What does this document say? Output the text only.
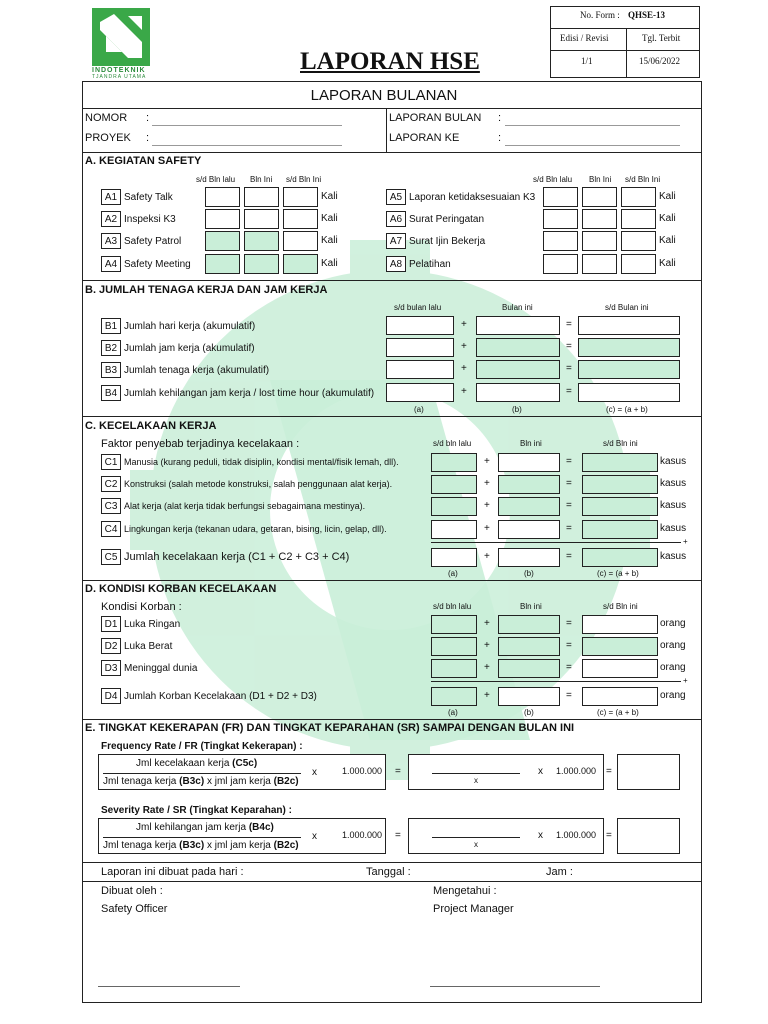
INDOTEKNIK
TJANDRA UTAMA
LAPORAN HSE
No. Form : QHSE-13
Edisi / Revisi	Tgl. Terbit
1/1	15/06/2022
LAPORAN BULANAN
NOMOR :
PROYEK :
LAPORAN BULAN :
LAPORAN KE	:
A. KEGIATAN SAFETY
s/d Bln lalu Bln Ini s/d Bln Ini	s/d Bln lalu Bln Ini s/d Bln Ini
A1 Safety Talk	Kali
A2 Inspeksi K3	Kali
A3 Safety Patrol	Kali
A4 Safety Meeting	Kali
A5 Laporan ketidaksesuaian K3	Kali
A6 Surat Peringatan	Kali
A7 Surat Ijin Bekerja	Kali
A8 Pelatihan	Kali
B. JUMLAH TENAGA KERJA DAN JAM KERJA
s/d bulan lalu	Bulan ini	s/d Bulan ini
B1 Jumlah hari kerja (akumulatif)	+	=
B2 Jumlah jam kerja (akumulatif)	+	=
B3 Jumlah tenaga kerja (akumulatif)	+	=
B4 Jumlah kehilangan jam kerja / lost time hour (akumulatif)	+	=
(a)	(b)	(c) = (a + b)
C. KECELAKAAN KERJA
Faktor penyebab terjadinya kecelakaan :	s/d bln lalu	Bln ini	s/d Bln ini
C1 Manusia (kurang peduli, tidak disiplin, kondisi mental/fisik lemah, dll).	+	=	kasus
C2 Konstruksi (salah metode konstruksi, salah penggunaan alat kerja).	+	=	kasus
C3 Alat kerja (alat kerja tidak berfungsi sebagaimana mestinya).	+	=	kasus
C4 Lingkungan kerja (tekanan udara, getaran, bising, licin, gelap, dll).	+	=	kasus
+
C5 Jumlah kecelakaan kerja (C1 + C2 + C3 + C4)	+	=	kasus
(a)	(b)	(c) = (a + b)
D. KONDISI KORBAN KECELAKAAN
Kondisi Korban :	s/d bln lalu	Bln ini	s/d Bln ini
D1 Luka Ringan	+	=	orang
D2 Luka Berat	+	=	orang
D3 Meninggal dunia	+	=	orang
+
D4 Jumlah Korban Kecelakaan (D1 + D2 + D3)	+	=	orang
(a)	(b)	(c) = (a + b)
E. TINGKAT KEKERAPAN (FR) DAN TINGKAT KEPARAHAN (SR) SAMPAI DENGAN BULAN INI
Frequency Rate / FR (Tingkat Kekerapan) :
Jml kecelakaan kerja (C5c)
Jml tenaga kerja (B3c) x jml jam kerja (B2c)
x	1.000.000 =
x
x 1.000.000 =
Severity Rate / SR (Tingkat Keparahan) :
Jml kehilangan jam kerja (B4c)
Jml tenaga kerja (B3c) x jml jam kerja (B2c)
x	1.000.000 =
x
x 1.000.000 =
Laporan ini dibuat pada hari :	Tanggal :	Jam :
Dibuat oleh :
Safety Officer
Mengetahui :
Project Manager
